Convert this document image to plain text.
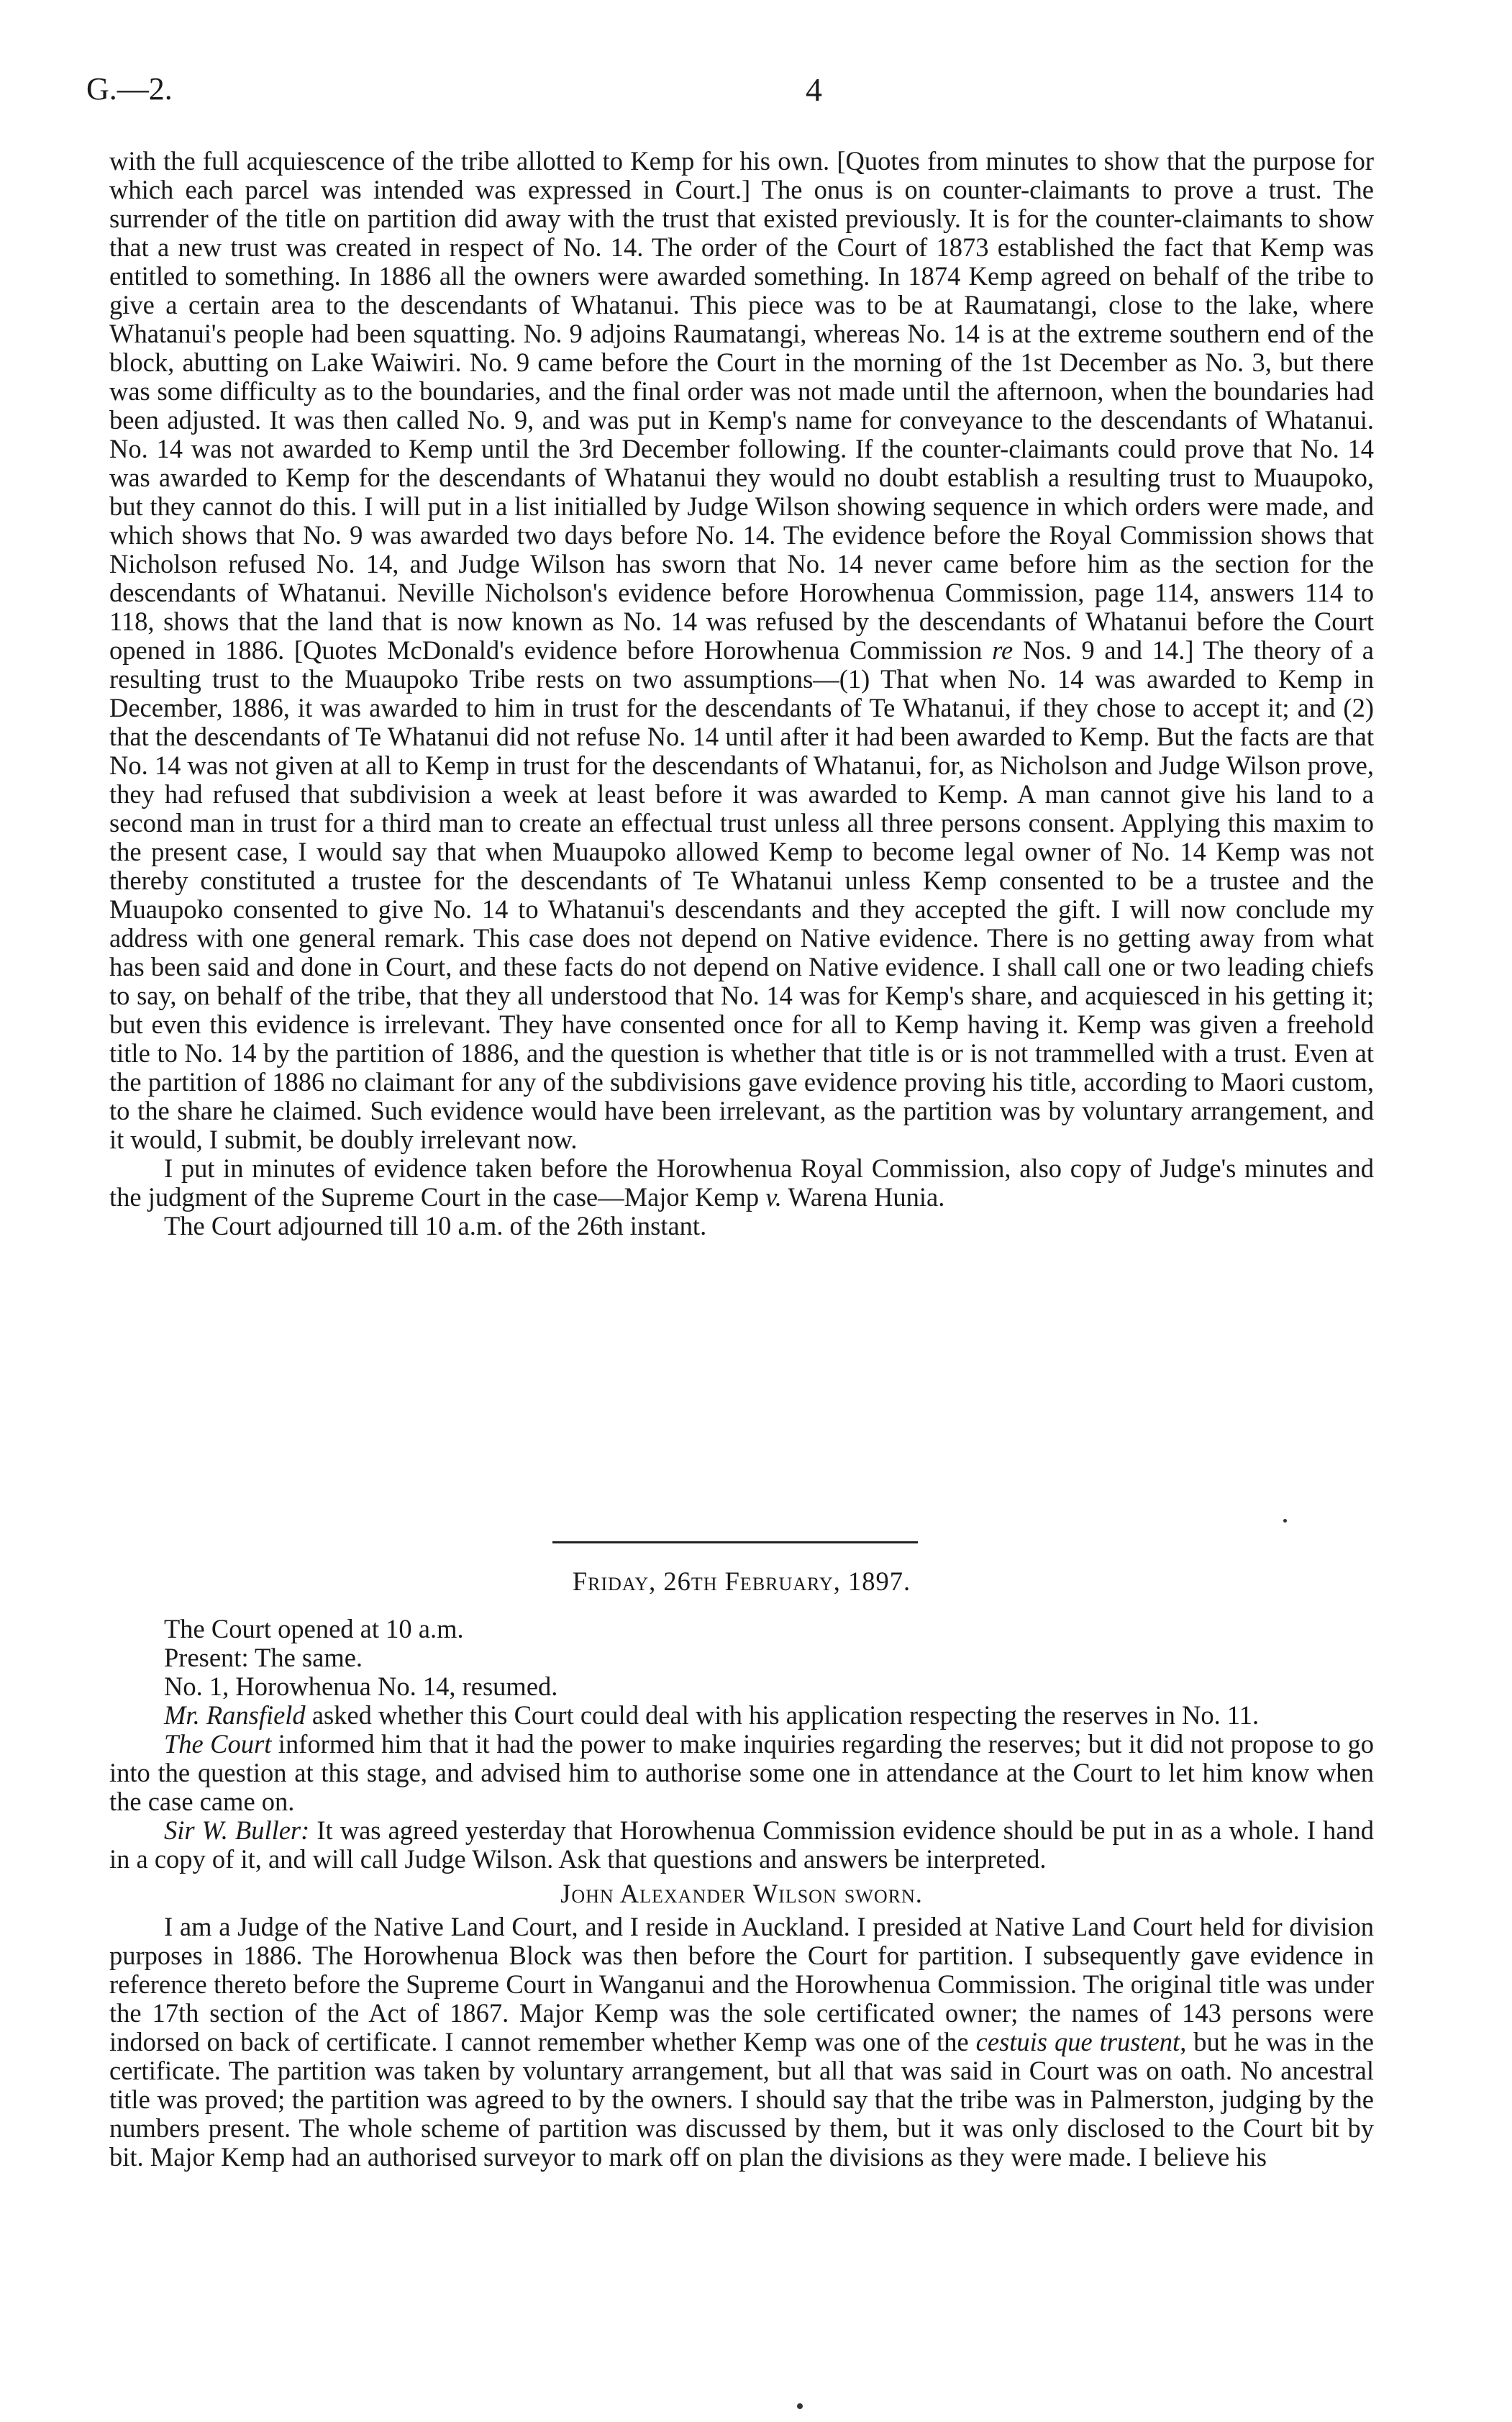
G.—2.	4

with the full acquiescence of the tribe allotted to Kemp for his own. [Quotes from minutes to show that the purpose for which each parcel was intended was expressed in Court.] The onus is on counter-claimants to prove a trust. The surrender of the title on partition did away with the trust that existed previously. It is for the counter-claimants to show that a new trust was created in respect of No. 14. The order of the Court of 1873 established the fact that Kemp was entitled to something. In 1886 all the owners were awarded something. In 1874 Kemp agreed on behalf of the tribe to give a certain area to the descendants of Whatanui. This piece was to be at Raumatangi, close to the lake, where Whatanui's people had been squatting. No. 9 adjoins Raumatangi, whereas No. 14 is at the extreme southern end of the block, abutting on Lake Waiwiri. No. 9 came before the Court in the morning of the 1st December as No. 3, but there was some difficulty as to the boundaries, and the final order was not made until the afternoon, when the boundaries had been adjusted. It was then called No. 9, and was put in Kemp's name for conveyance to the descendants of Whatanui. No. 14 was not awarded to Kemp until the 3rd December following. If the counter-claimants could prove that No. 14 was awarded to Kemp for the descendants of Whatanui they would no doubt establish a resulting trust to Muaupoko, but they cannot do this. I will put in a list initialled by Judge Wilson showing sequence in which orders were made, and which shows that No. 9 was awarded two days before No. 14. The evidence before the Royal Commission shows that Nicholson refused No. 14, and Judge Wilson has sworn that No. 14 never came before him as the section for the descendants of Whatanui. Neville Nicholson's evidence before Horowhenua Commission, page 114, answers 114 to 118, shows that the land that is now known as No. 14 was refused by the descendants of Whatanui before the Court opened in 1886. [Quotes McDonald's evidence before Horowhenua Commission re Nos. 9 and 14.] The theory of a resulting trust to the Muaupoko Tribe rests on two assumptions—(1) That when No. 14 was awarded to Kemp in December, 1886, it was awarded to him in trust for the descendants of Te Whatanui, if they chose to accept it; and (2) that the descendants of Te Whatanui did not refuse No. 14 until after it had been awarded to Kemp. But the facts are that No. 14 was not given at all to Kemp in trust for the descendants of Whatanui, for, as Nicholson and Judge Wilson prove, they had refused that subdivision a week at least before it was awarded to Kemp. A man cannot give his land to a second man in trust for a third man to create an effectual trust unless all three persons consent. Applying this maxim to the present case, I would say that when Muaupoko allowed Kemp to become legal owner of No. 14 Kemp was not thereby constituted a trustee for the descendants of Te Whatanui unless Kemp consented to be a trustee and the Muaupoko consented to give No. 14 to Whatanui's descendants and they accepted the gift. I will now conclude my address with one general remark. This case does not depend on Native evidence. There is no getting away from what has been said and done in Court, and these facts do not depend on Native evidence. I shall call one or two leading chiefs to say, on behalf of the tribe, that they all understood that No. 14 was for Kemp's share, and acquiesced in his getting it; but even this evidence is irrelevant. They have consented once for all to Kemp having it. Kemp was given a freehold title to No. 14 by the partition of 1886, and the question is whether that title is or is not trammelled with a trust. Even at the partition of 1886 no claimant for any of the subdivisions gave evidence proving his title, according to Maori custom, to the share he claimed. Such evidence would have been irrelevant, as the partition was by voluntary arrangement, and it would, I submit, be doubly irrelevant now.

I put in minutes of evidence taken before the Horowhenua Royal Commission, also copy of Judge's minutes and the judgment of the Supreme Court in the case—Major Kemp v. Warena Hunia.

The Court adjourned till 10 a.m. of the 26th instant.

Friday, 26th February, 1897.

The Court opened at 10 a.m.

Present: The same.

No. 1, Horowhenua No. 14, resumed.

Mr. Ransfield asked whether this Court could deal with his application respecting the reserves in No. 11.

The Court informed him that it had the power to make inquiries regarding the reserves; but it did not propose to go into the question at this stage, and advised him to authorise some one in attendance at the Court to let him know when the case came on.

Sir W. Buller: It was agreed yesterday that Horowhenua Commission evidence should be put in as a whole. I hand in a copy of it, and will call Judge Wilson. Ask that questions and answers be interpreted.

John Alexander Wilson sworn.

I am a Judge of the Native Land Court, and I reside in Auckland. I presided at Native Land Court held for division purposes in 1886. The Horowhenua Block was then before the Court for partition. I subsequently gave evidence in reference thereto before the Supreme Court in Wanganui and the Horowhenua Commission. The original title was under the 17th section of the Act of 1867. Major Kemp was the sole certificated owner; the names of 143 persons were indorsed on back of certificate. I cannot remember whether Kemp was one of the cestuis que trustent, but he was in the certificate. The partition was taken by voluntary arrangement, but all that was said in Court was on oath. No ancestral title was proved; the partition was agreed to by the owners. I should say that the tribe was in Palmerston, judging by the numbers present. The whole scheme of partition was discussed by them, but it was only disclosed to the Court bit by bit. Major Kemp had an authorised surveyor to mark off on plan the divisions as they were made. I believe his
